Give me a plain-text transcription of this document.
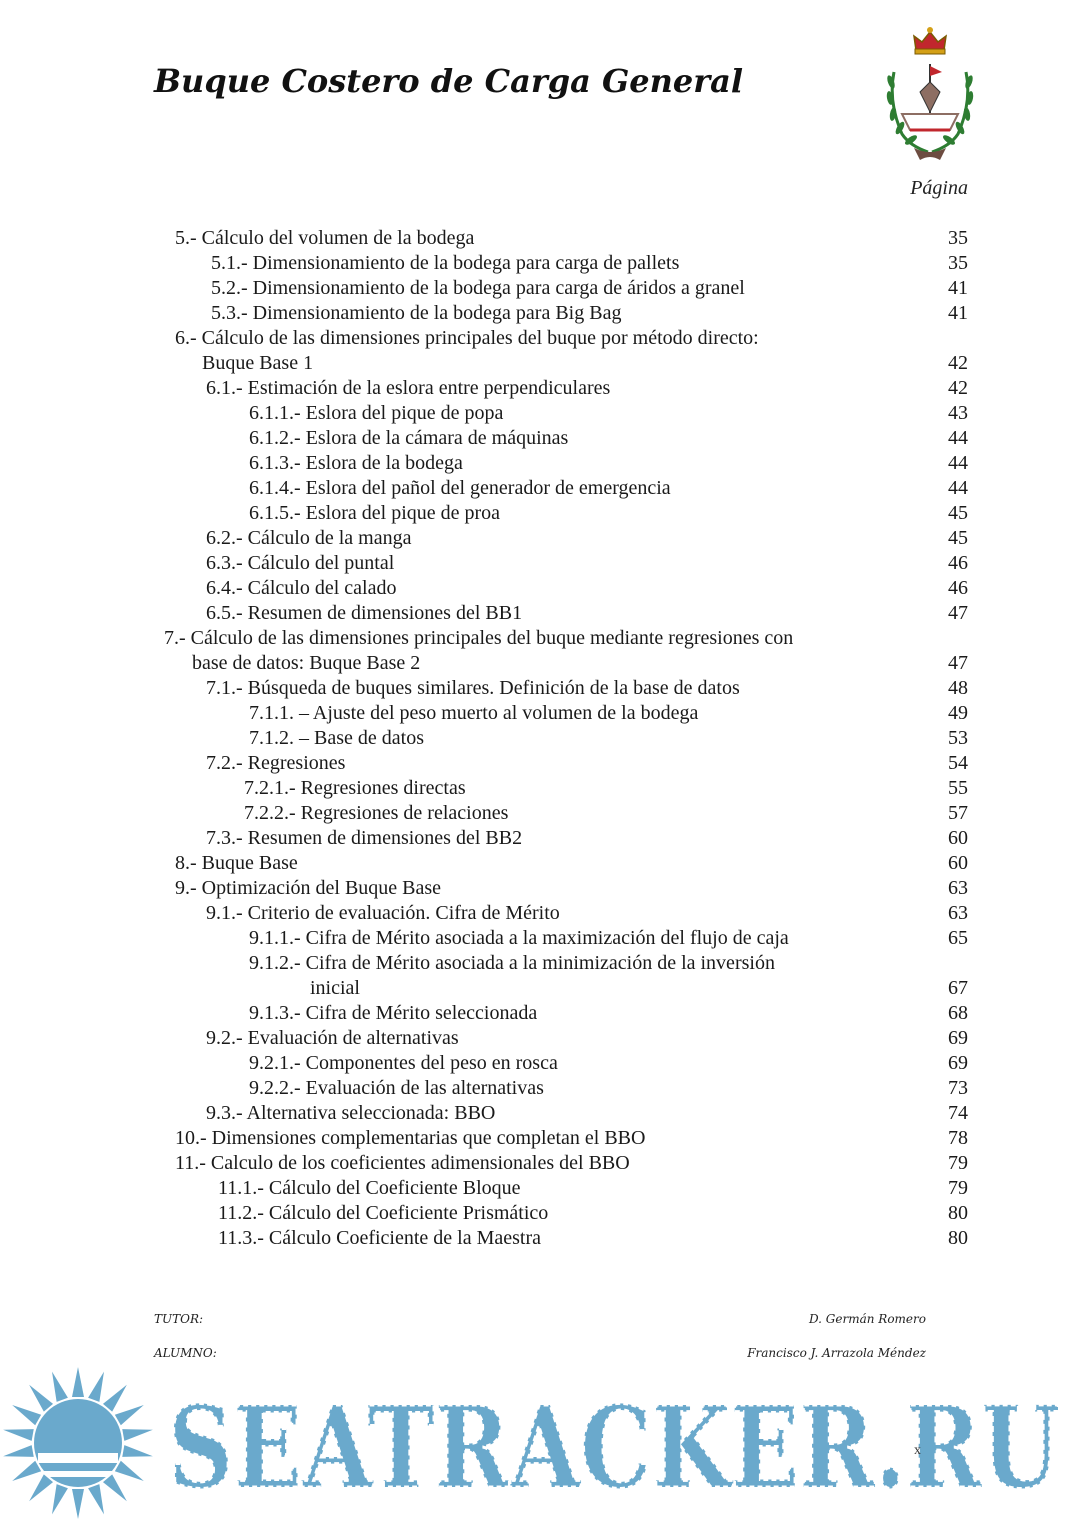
Buque Costero de Carga General
Página
5.- Cálculo del volumen de la bodega	35
5.1.- Dimensionamiento de la bodega para carga de pallets	35
5.2.- Dimensionamiento de la bodega para carga de áridos a granel	41
5.3.- Dimensionamiento de la bodega para Big Bag	41
6.- Cálculo de las dimensiones principales del buque por método directo:
Buque Base 1	42
6.1.- Estimación de la eslora entre perpendiculares	42
6.1.1.- Eslora del pique de popa	43
6.1.2.- Eslora de la cámara de máquinas	44
6.1.3.- Eslora de la bodega	44
6.1.4.- Eslora del pañol del generador de emergencia	44
6.1.5.- Eslora del pique de proa	45
6.2.- Cálculo de la manga	45
6.3.- Cálculo del puntal	46
6.4.- Cálculo del calado	46
6.5.- Resumen de dimensiones del BB1	47
7.- Cálculo de las dimensiones principales del buque mediante regresiones con
base de datos: Buque Base 2	47
7.1.- Búsqueda de buques similares. Definición de la base de datos	48
7.1.1. – Ajuste del peso muerto al volumen de la bodega	49
7.1.2. – Base de datos	53
7.2.- Regresiones	54
7.2.1.- Regresiones directas	55
7.2.2.- Regresiones de relaciones	57
7.3.- Resumen de dimensiones del BB2	60
8.- Buque Base	60
9.- Optimización del Buque Base	63
9.1.- Criterio de evaluación. Cifra de Mérito	63
9.1.1.- Cifra de Mérito asociada a la maximización del flujo de caja	65
9.1.2.- Cifra de Mérito asociada a la minimización de la inversión
inicial	67
9.1.3.- Cifra de Mérito seleccionada	68
9.2.- Evaluación de alternativas	69
9.2.1.- Componentes del peso en rosca	69
9.2.2.- Evaluación de las alternativas	73
9.3.- Alternativa seleccionada: BBO	74
10.- Dimensiones complementarias que completan el BBO	78
11.- Calculo de los coeficientes adimensionales del BBO	79
11.1.- Cálculo del Coeficiente Bloque	79
11.2.- Cálculo del Coeficiente Prismático	80
11.3.- Cálculo Coeficiente de la Maestra	80
TUTOR:	D. Germán Romero
ALUMNO:	Francisco J. Arrazola Méndez
SEATRACKER.RU
x
